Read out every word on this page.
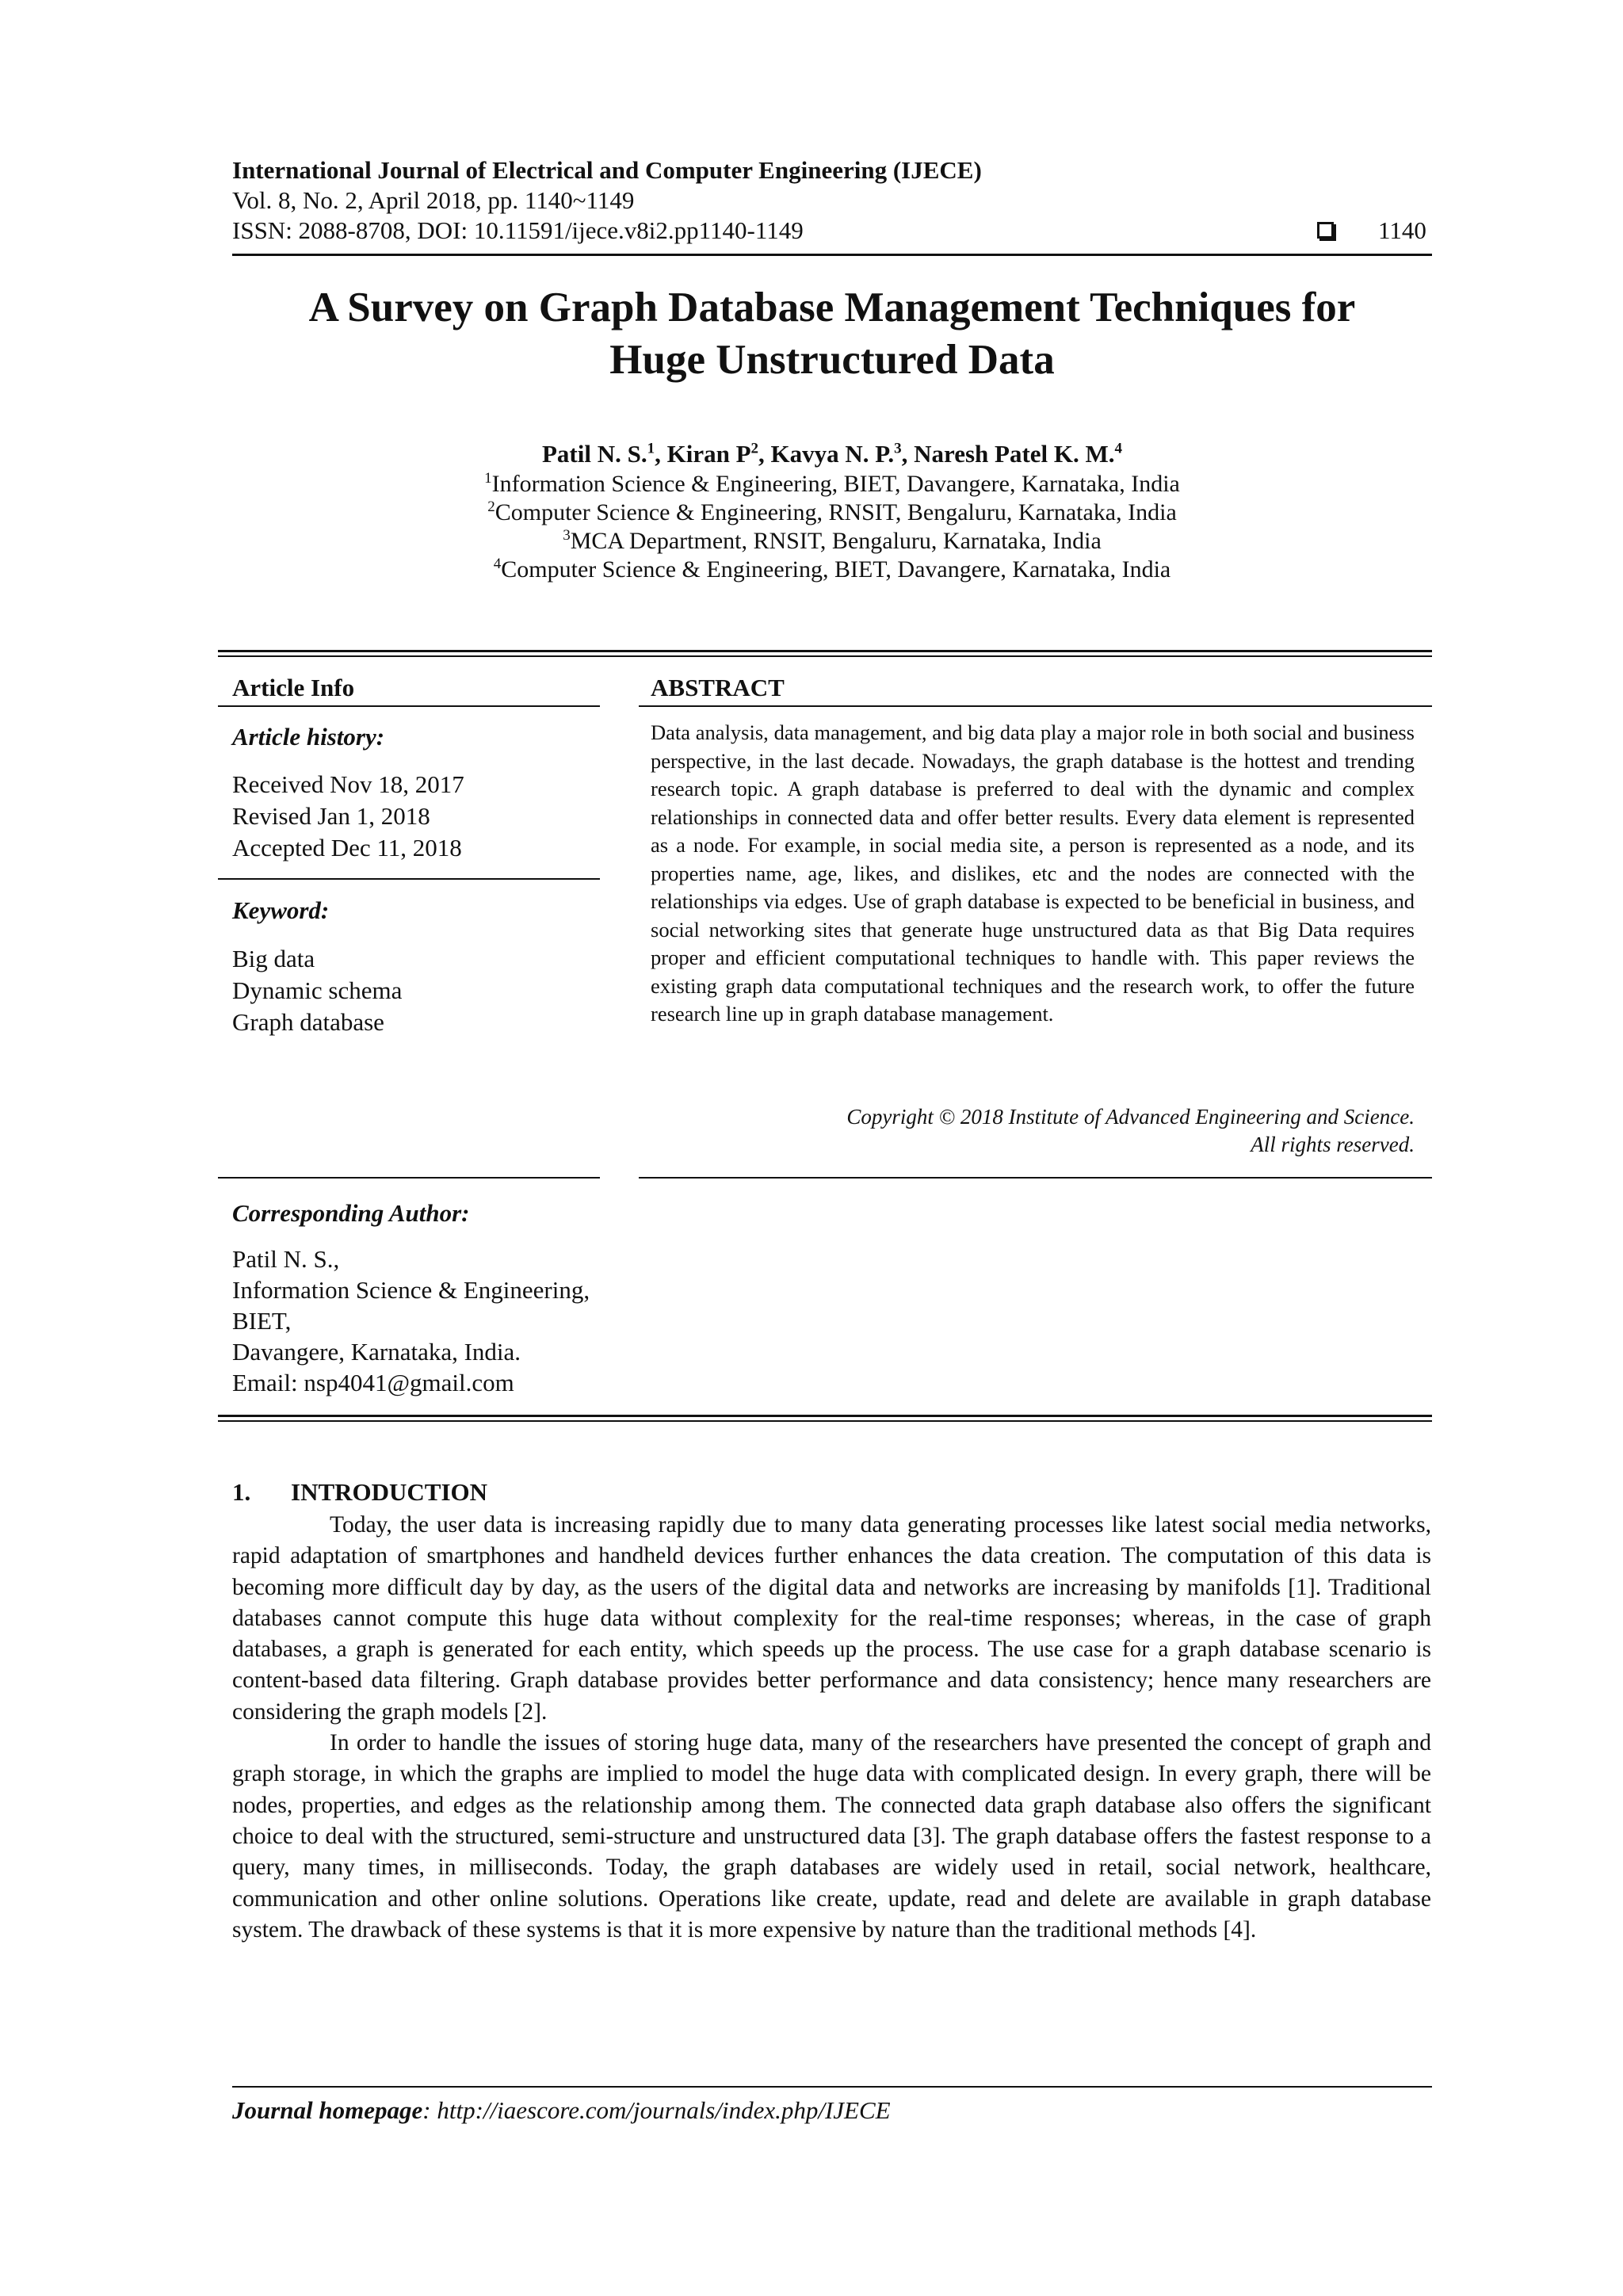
International Journal of Electrical and Computer Engineering (IJECE)
Vol. 8, No. 2, April 2018, pp. 1140~1149
ISSN: 2088-8708, DOI: 10.11591/ijece.v8i2.pp1140-1149	1140
A Survey on Graph Database Management Techniques for
Huge Unstructured Data
Patil N. S.$^1$, Kiran $P^2$, Kavya N. P.$^3$, Naresh Patel K. M.$^4$
$^1$Information Science & Engineering, BIET, Davangere, Karnataka, India
$^2$Computer Science & Engineering, RNSIT, Bengaluru, Karnataka, India
$^3$MCA Department, RNSIT, Bengaluru, Karnataka, India
$^4$Computer Science & Engineering, BIET, Davangere, Karnataka, India
Article Info
Article history:
Received Nov 18, 2017
Revised Jan 1, 2018
Accepted Dec 11, 2018
Keyword:
Big data
Dynamic schema
Graph database
ABSTRACT
Data analysis, data management, and big data play a major role in both social and business perspective, in the last decade. Nowadays, the graph database is the hottest and trending research topic. A graph database is preferred to deal with the dynamic and complex relationships in connected data and offer better results. Every data element is represented as a node. For example, in social media site, a person is represented as a node, and its properties name, age, likes, and dislikes, etc and the nodes are connected with the relationships via edges. Use of graph database is expected to be beneficial in business, and social networking sites that generate huge unstructured data as that Big Data requires proper and efficient computational techniques to handle with. This paper reviews the existing graph data computational techniques and the research work, to offer the future research line up in graph database management.
Copyright © 2018 Institute of Advanced Engineering and Science.
All rights reserved.
Corresponding Author:
Patil N. S.,
Information Science & Engineering,
BIET,
Davangere, Karnataka, India.
Email: nsp4041@gmail.com
1. INTRODUCTION

Today, the user data is increasing rapidly due to many data generating processes like latest social media networks, rapid adaptation of smartphones and handheld devices further enhances the data creation. The computation of this data is becoming more difficult day by day, as the users of the digital data and networks are increasing by manifolds [1]. Traditional databases cannot compute this huge data without complexity for the real-time responses; whereas, in the case of graph databases, a graph is generated for each entity, which speeds up the process. The use case for a graph database scenario is content-based data filtering. Graph database provides better performance and data consistency; hence many researchers are considering the graph models [2].

In order to handle the issues of storing huge data, many of the researchers have presented the concept of graph and graph storage, in which the graphs are implied to model the huge data with complicated design. In every graph, there will be nodes, properties, and edges as the relationship among them. The connected data graph database also offers the significant choice to deal with the structured, semi-structure and unstructured data [3]. The graph database offers the fastest response to a query, many times, in milliseconds. Today, the graph databases are widely used in retail, social network, healthcare, communication and other online solutions. Operations like create, update, read and delete are available in graph database system. The drawback of these systems is that it is more expensive by nature than the traditional methods [4].

Journal homepage: http://iaescore.com/journals/index.php/IJECE
